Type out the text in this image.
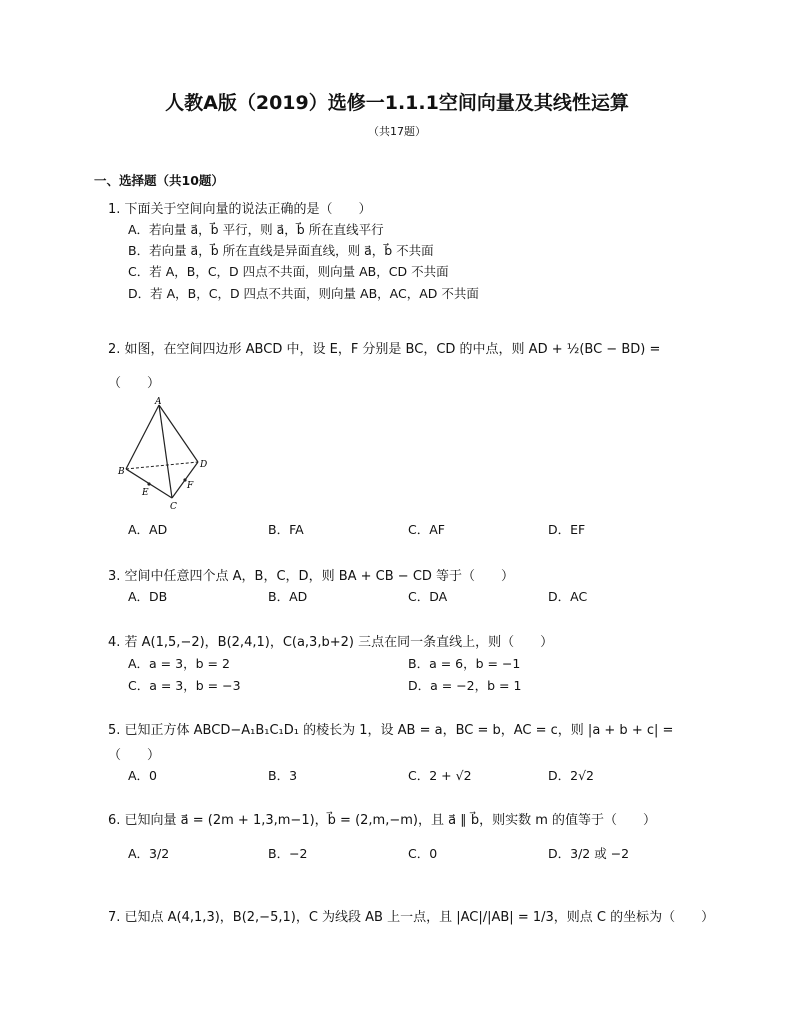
人教A版（2019）选修一1.1.1空间向量及其线性运算
（共17题）
一、选择题（共10题）
1. 下面关于空间向量的说法正确的是（　　）
A．若向量 a⃗，b⃗ 平行，则 a⃗，b⃗ 所在直线平行
B．若向量 a⃗，b⃗ 所在直线是异面直线，则 a⃗，b⃗ 不共面
C．若 A，B，C，D 四点不共面，则向量 AB，CD 不共面
D．若 A，B，C，D 四点不共面，则向量 AB，AC，AD 不共面
2. 如图，在空间四边形 ABCD 中，设 E，F 分别是 BC，CD 的中点，则 AD + ½(BC − BD) =
（　　）
A
B
C
D
E
F
A．AD	B．FA	C．AF	D．EF
3. 空间中任意四个点 A，B，C，D，则 BA + CB − CD 等于（　　）
A．DB	B．AD	C．DA	D．AC
4. 若 A(1,5,−2)，B(2,4,1)，C(a,3,b+2) 三点在同一条直线上，则（　　）
A．a = 3，b = 2	B．a = 6，b = −1
C．a = 3，b = −3	D．a = −2，b = 1
5. 已知正方体 ABCD−A₁B₁C₁D₁ 的棱长为 1，设 AB = a，BC = b，AC = c，则 |a + b + c| =
（　　）
A．0	B．3	C．2 + √2	D．2√2
6. 已知向量 a⃗ = (2m + 1,3,m−1)，b⃗ = (2,m,−m)，且 a⃗ ∥ b⃗，则实数 m 的值等于（　　）
A．3/2	B．−2	C．0	D．3/2 或 −2
7. 已知点 A(4,1,3)，B(2,−5,1)，C 为线段 AB 上一点，且 |AC|/|AB| = 1/3，则点 C 的坐标为（　　）
